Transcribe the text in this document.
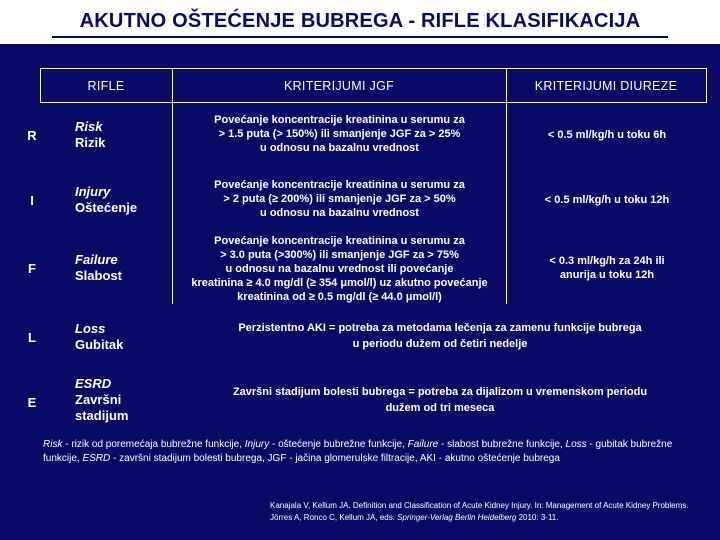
AKUTNO OŠTEĆENJE BUBREGA - RIFLE KLASIFIKACIJA
RIFLE	KRITERIJUMI JGF	KRITERIJUMI DIUREZE
R
Risk
Rizik
Povećanje koncentracije kreatinina u serumu za
> 1.5 puta (> 150%) ili smanjenje JGF za > 25%
u odnosu na bazalnu vrednost
< 0.5 ml/kg/h u toku 6h
I
Injury
Oštećenje
Povećanje koncentracije kreatinina u serumu za
> 2 puta (≥ 200%) ili smanjenje JGF za > 50%
u odnosu na bazalnu vrednost
< 0.5 ml/kg/h u toku 12h
F
Failure
Slabost
Povećanje koncentracije kreatinina u serumu za
> 3.0 puta (>300%) ili smanjenje JGF za > 75%
u odnosu na bazalnu vrednost ili povećanje
kreatinina ≥ 4.0 mg/dl (≥ 354 μmol/l) uz akutno povećanje
kreatinina od ≥ 0.5 mg/dl (≥ 44.0 μmol/l)
< 0.3 ml/kg/h za 24h ili
anurija u toku 12h
L
Loss
Gubitak
Perzistentno AKI = potreba za metodama lečenja za zamenu funkcije bubrega
u periodu dužem od četiri nedelje
E
ESRD
Završni
stadijum
Završni stadijum bolesti bubrega = potreba za dijalizom u vremenskom periodu
dužem od tri meseca
Risk - rizik od poremećaja bubrežne funkcije, Injury - oštećenje bubrežne funkcije, Failure - slabost bubrežne funkcije, Loss - gubitak bubrežne funkcije, ESRD - završni stadijum bolesti bubrega, JGF - jačina glomerulske filtracije, AKI - akutno oštećenje bubrega
Kanajala V, Kellum JA. Definition and Classification of Acute Kidney Injury. In: Management of Acute Kidney Problems. Jörres A, Ronco C, Kellum JA, eds. Springer-Verlag Berlin Heidelberg 2010: 3-11.
